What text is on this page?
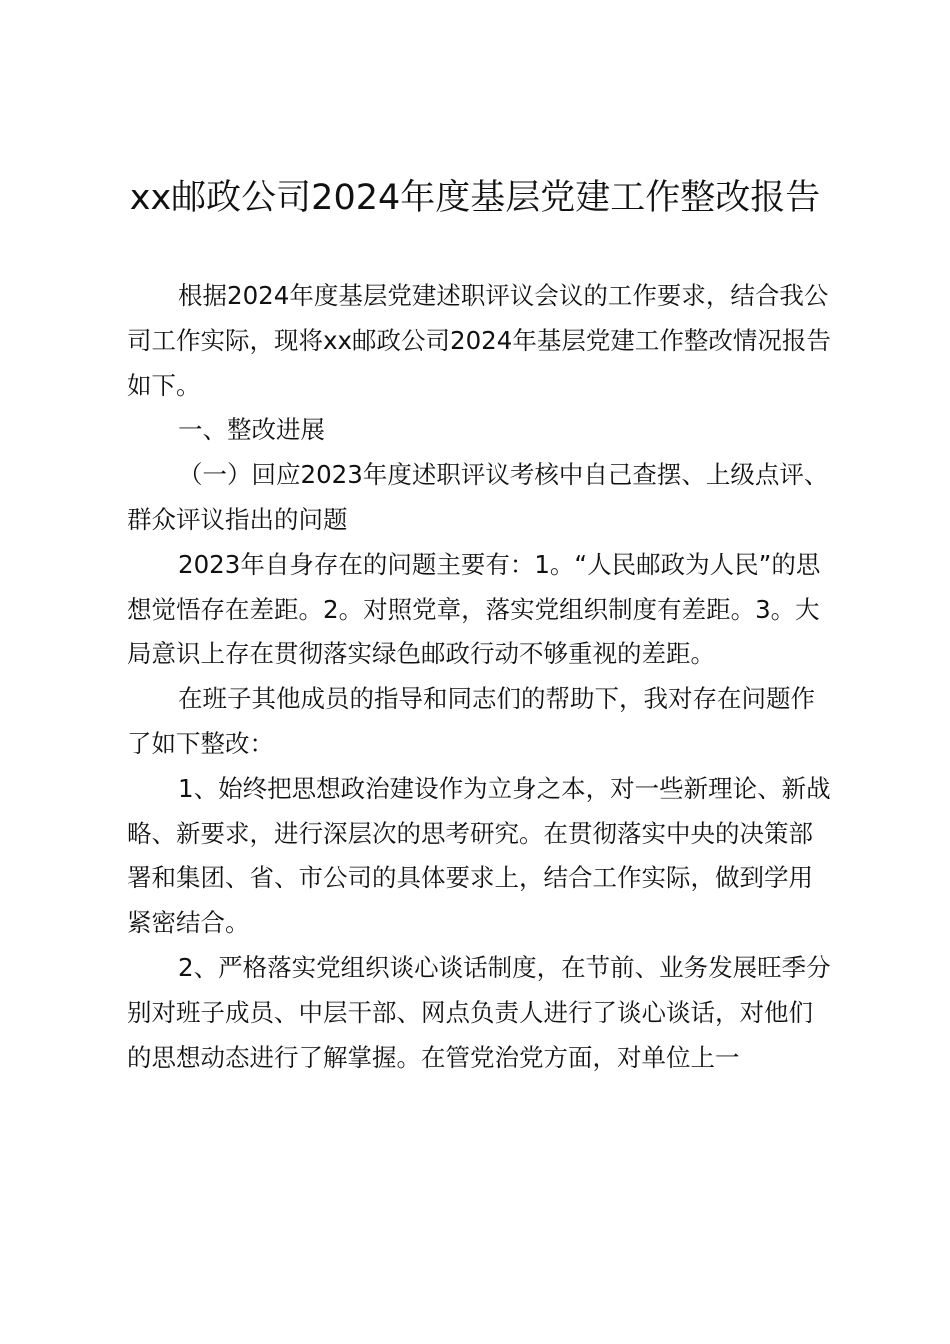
xx邮政公司2024年度基层党建工作整改报告

根据2024年度基层党建述职评议会议的工作要求，结合我公司工作实际，现将xx邮政公司2024年基层党建工作整改情况报告如下。

一、整改进展

（一）回应2023年度述职评议考核中自己查摆、上级点评、群众评议指出的问题

2023年自身存在的问题主要有：1。“人民邮政为人民”的思想觉悟存在差距。2。对照党章，落实党组织制度有差距。3。大局意识上存在贯彻落实绿色邮政行动不够重视的差距。

在班子其他成员的指导和同志们的帮助下，我对存在问题作了如下整改：

1、始终把思想政治建设作为立身之本，对一些新理论、新战略、新要求，进行深层次的思考研究。在贯彻落实中央的决策部署和集团、省、市公司的具体要求上，结合工作实际，做到学用紧密结合。

2、严格落实党组织谈心谈话制度，在节前、业务发展旺季分别对班子成员、中层干部、网点负责人进行了谈心谈话，对他们的思想动态进行了解掌握。在管党治党方面，对单位上一
